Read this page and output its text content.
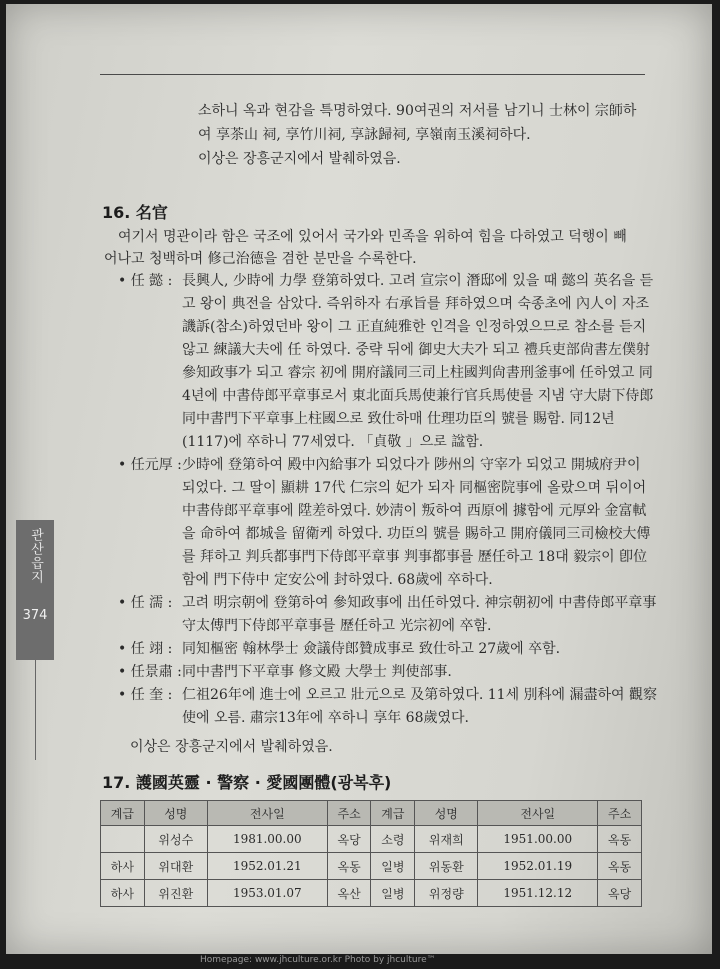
관산읍지
374
소하니 옥과 현감을 특명하였다. 90여권의 저서를 남기니 士林이 宗師하
여 享茶山 祠, 享竹川祠, 享詠歸祠, 享嶺南玉溪祠하다.
이상은 장흥군지에서 발췌하였음.
16. 名官
여기서 명관이라 함은 국조에 있어서 국가와 민족을 위하여 힘을 다하였고 덕행이 빼
어나고 청백하며 修己治德을 겸한 분만을 수록한다.
• 任 懿 : 長興人, 少時에 力學 登第하였다. 고려 宣宗이 潛邸에 있을 때 懿의 英名을 듣고 왕이 典전을 삼았다. 즉위하자 右承旨를 拜하였으며 숙종초에 內人이 자조 譏訴(참소)하였던바 왕이 그 正直純雅한 인격을 인정하였으므로 참소를 듣지않고 練議大夫에 任 하였다. 중략 뒤에 御史大夫가 되고 禮兵吏部尙書左僕射參知政事가 되고 睿宗 初에 開府議同三司上柱國判尙書刑釜事에 任하였고 同4년에 中書侍郎平章事로서 東北面兵馬使兼行官兵馬使를 지냄 守大尉下侍郎同中書門下平章事上柱國으로 致仕하매 仕理功臣의 號를 賜함. 同12년(1117)에 卒하니 77세였다. 「貞敬 」으로 諡함.
• 任元厚 : 少時에 登第하여 殿中內給事가 되었다가 陟州의 守宰가 되었고 開城府尹이 되었다. 그 딸이 顯耕 17代 仁宗의 妃가 되자 同樞密院事에 올랐으며 뒤이어 中書侍郎平章事에 陞差하였다. 妙淸이 叛하여 西原에 據함에 元厚와 金富軾을 命하여 都城을 留衛케 하였다. 功臣의 號를 賜하고 開府儀同三司檢校大傅를 拜하고 判兵都事門下侍郎平章事 判事都事를 歷任하고 18대 毅宗이 卽位함에 門下侍中 定安公에 封하였다. 68歲에 卒하다.
• 任 濡 : 고려 明宗朝에 登第하여 參知政事에 出任하였다. 神宗朝初에 中書侍郎平章事守太傅門下侍郎平章事를 歷任하고 光宗初에 卒함.
• 任 翊 : 同知樞密 翰林學士 僉議侍郎贊成事로 致仕하고 27歲에 卒함.
• 任景肅 : 同中書門下平章事 修文殿 大學士 判使部事.
• 任 奎 : 仁祖26年에 進士에 오르고 壯元으로 及第하였다. 11세 別科에 漏盡하여 觀察使에 오름. 肅宗13年에 卒하니 享年 68歲였다.
이상은 장흥군지에서 발췌하였음.
17. 護國英靈 · 警察 · 愛國團體(광복후)
계급	성명	전사일	주소	계급	성명	전사일	주소
	위성수	1981.00.00	옥당	소령	위재희	1951.00.00	옥동
하사	위대환	1952.01.21	옥동	일병	위동환	1952.01.19	옥동
하사	위진환	1953.01.07	옥산	일병	위정량	1951.12.12	옥당
Homepage: www.jhculture.or.kr Photo by jhculture™
